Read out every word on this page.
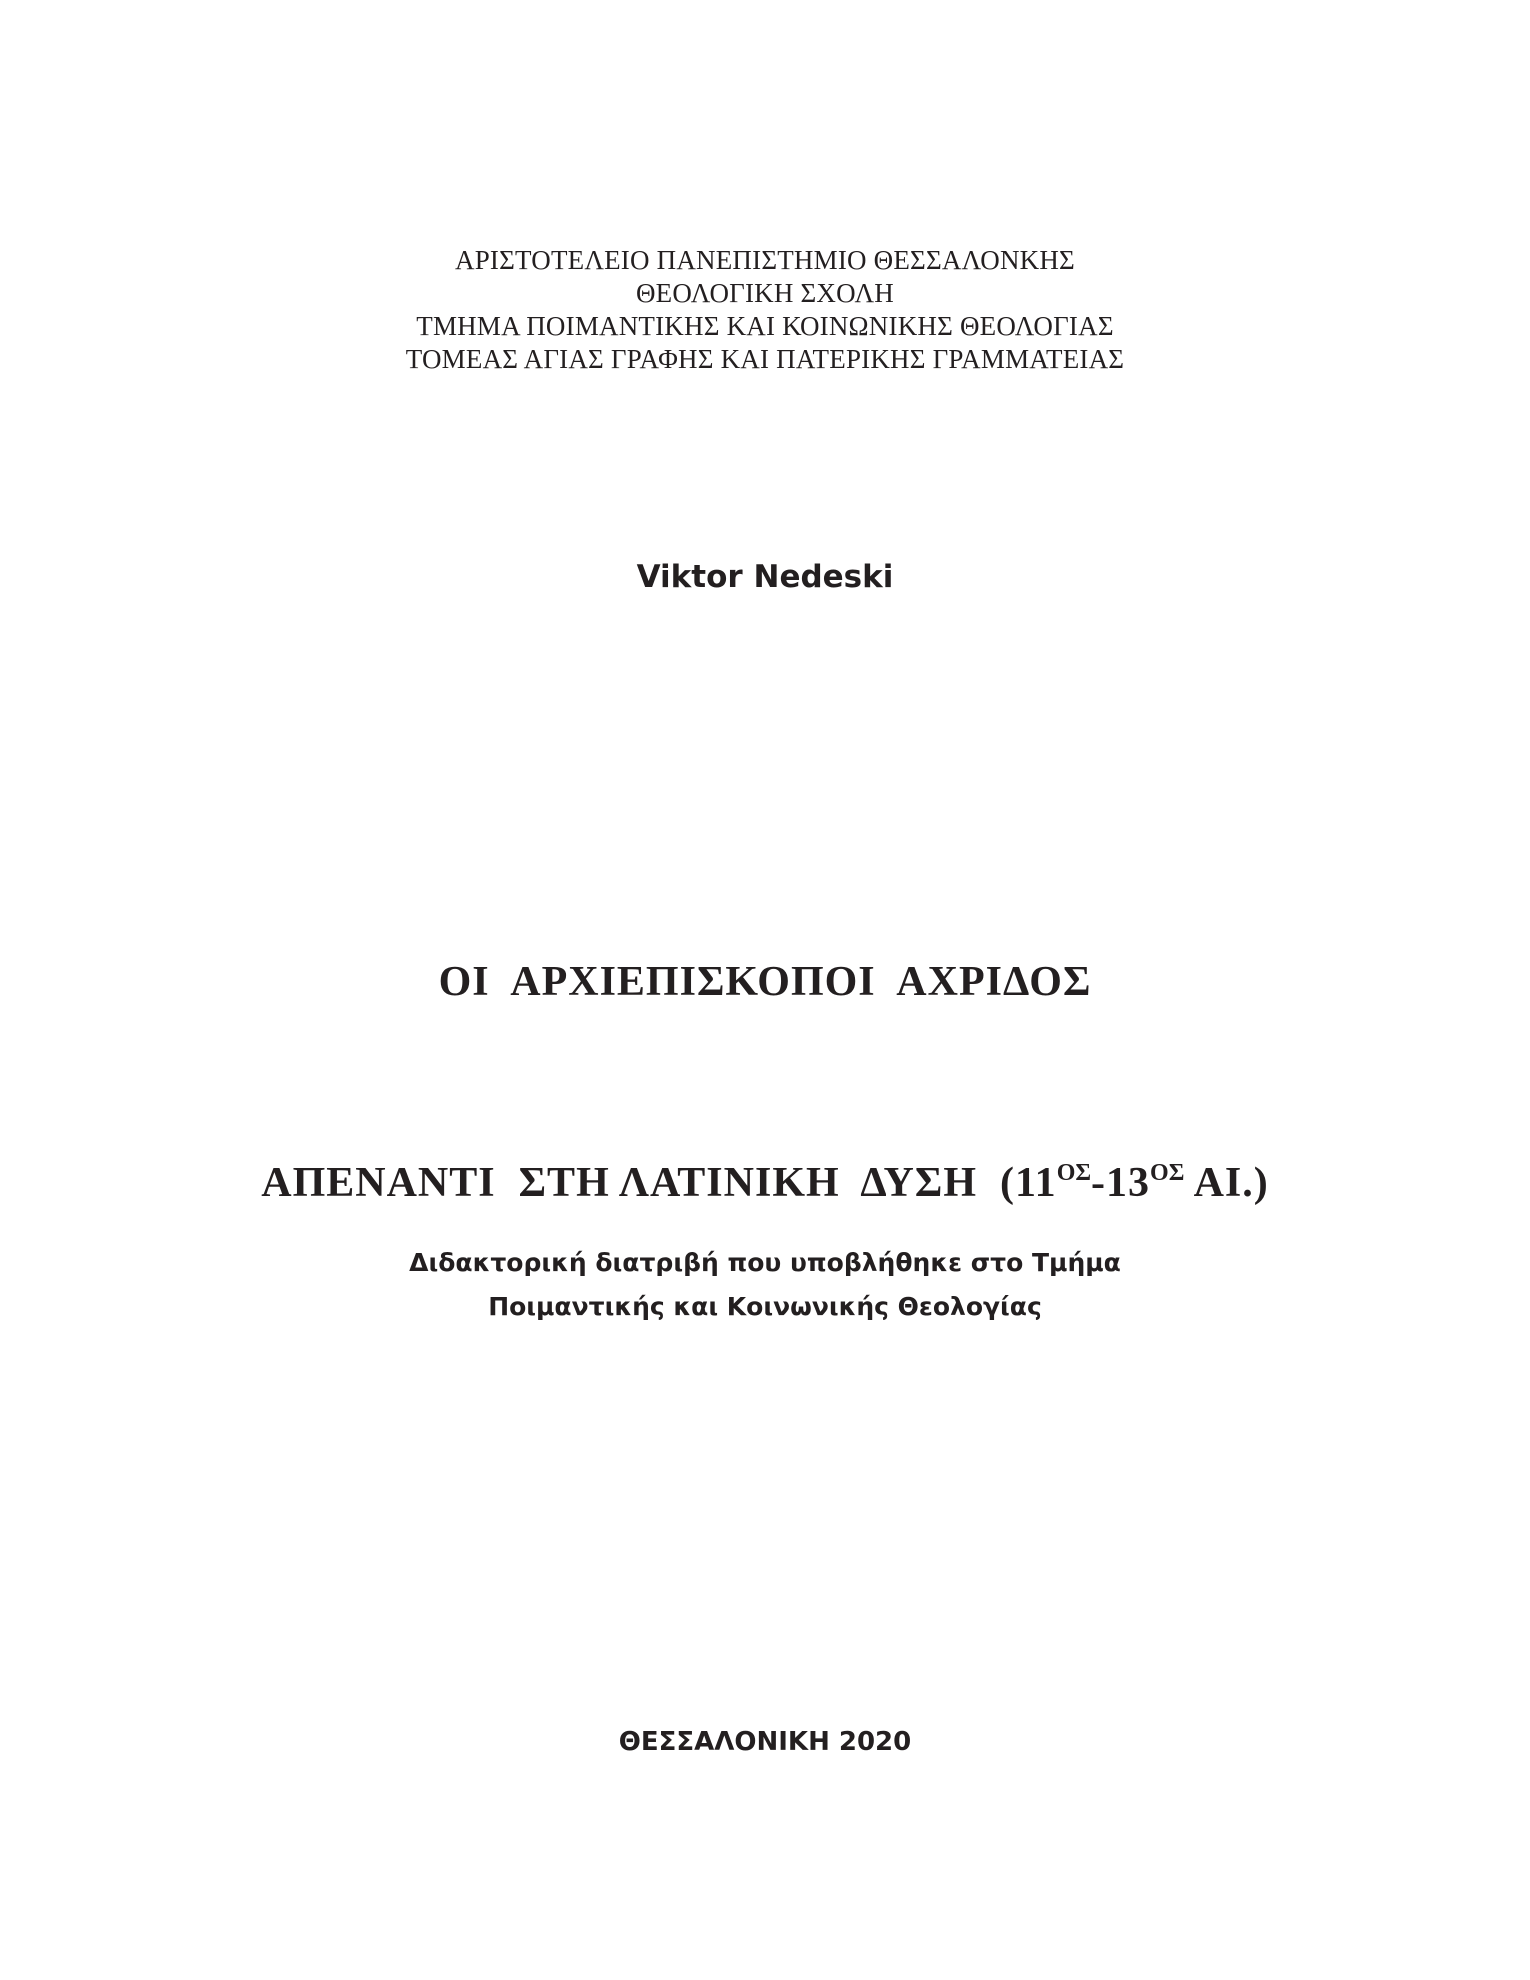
ΑΡΙΣΤΟΤΕΛΕΙΟ ΠΑΝΕΠΙΣΤΗΜΙΟ ΘΕΣΣΑΛΟΝΚΗΣ
ΘΕΟΛΟΓΙΚΗ ΣΧΟΛΗ
ΤΜΗΜΑ ΠΟΙΜΑΝΤΙΚΗΣ ΚΑΙ ΚΟΙΝΩΝΙΚΗΣ ΘΕΟΛΟΓΙΑΣ
ΤΟΜΕΑΣ ΑΓΙΑΣ ΓΡΑΦΗΣ ΚΑΙ ΠΑΤΕΡΙΚΗΣ ΓΡΑΜΜΑΤΕΙΑΣ
Viktor Nedeski

ΟΙ  ΑΡΧΙΕΠΙΣΚΟΠΟΙ  ΑΧΡΙΔΟΣ

ΑΠΕΝΑΝΤΙ  ΣΤΗ ΛΑΤΙΝΙΚΗ  ΔΥΣΗ  ($11^{O\Sigma}-13^{O\Sigma}$ ΑΙ.)

Διδακτορική διατριβή που υποβλήθηκε στο Τμήμα
Ποιμαντικής και Κοινωνικής Θεολογίας
ΘΕΣΣΑΛΟΝΙΚΗ 2020
